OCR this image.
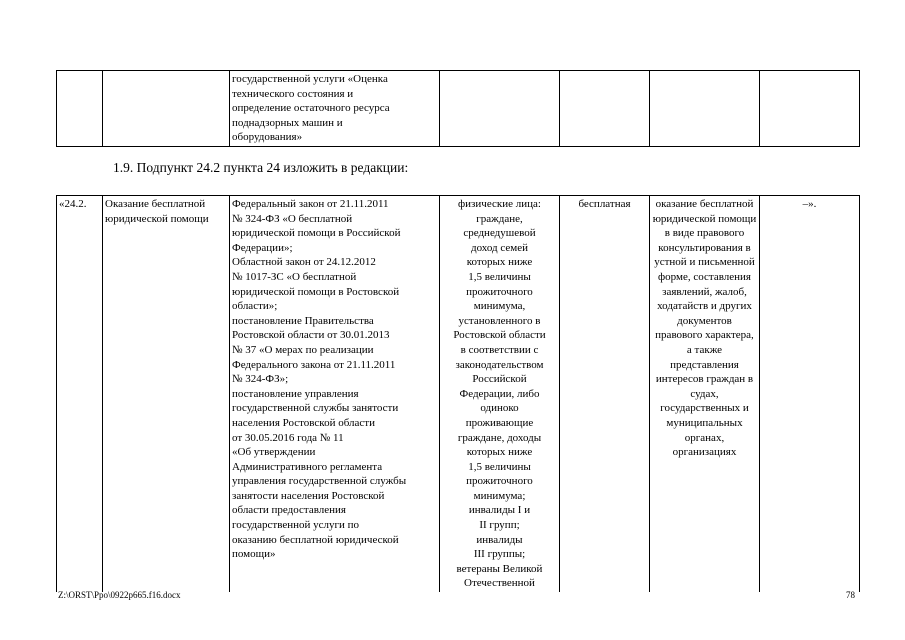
		государственной услуги «Оценка
технического состояния и
определение остаточного ресурса
поднадзорных машин и
оборудования»				
1.9. Подпункт 24.2 пункта 24 изложить в редакции:
«24.2.	Оказание бесплатной
юридической помощи	Федеральный закон от 21.11.2011
№ 324-ФЗ «О бесплатной
юридической помощи в Российской
Федерации»;
Областной закон от 24.12.2012
№ 1017-ЗС «О бесплатной
юридической помощи в Ростовской
области»;
постановление Правительства
Ростовской области от 30.01.2013
№ 37 «О мерах по реализации
Федерального закона от 21.11.2011
№ 324-ФЗ»;
постановление управления
государственной службы занятости
населения Ростовской области
от 30.05.2016 года № 11
«Об утверждении
Административного регламента
управления государственной службы
занятости населения Ростовской
области предоставления
государственной услуги по
оказанию бесплатной юридической
помощи»	физические лица:
граждане,
среднедушевой
доход семей
которых ниже
1,5 величины
прожиточного
минимума,
установленного в
Ростовской области
в соответствии с
законодательством
Российской
Федерации, либо
одиноко
проживающие
граждане, доходы
которых ниже
1,5 величины
прожиточного
минимума;
инвалиды I и
II групп;
инвалиды
III группы;
ветераны Великой
Отечественной	бесплатная	оказание бесплатной
юридической помощи
в виде правового
консультирования в
устной и письменной
форме, составления
заявлений, жалоб,
ходатайств и других
документов
правового характера,
а также
представления
интересов граждан в
судах,
государственных и
муниципальных
органах,
организациях	–».
Z:\ORST\Ppo\0922p665.f16.docx	78
